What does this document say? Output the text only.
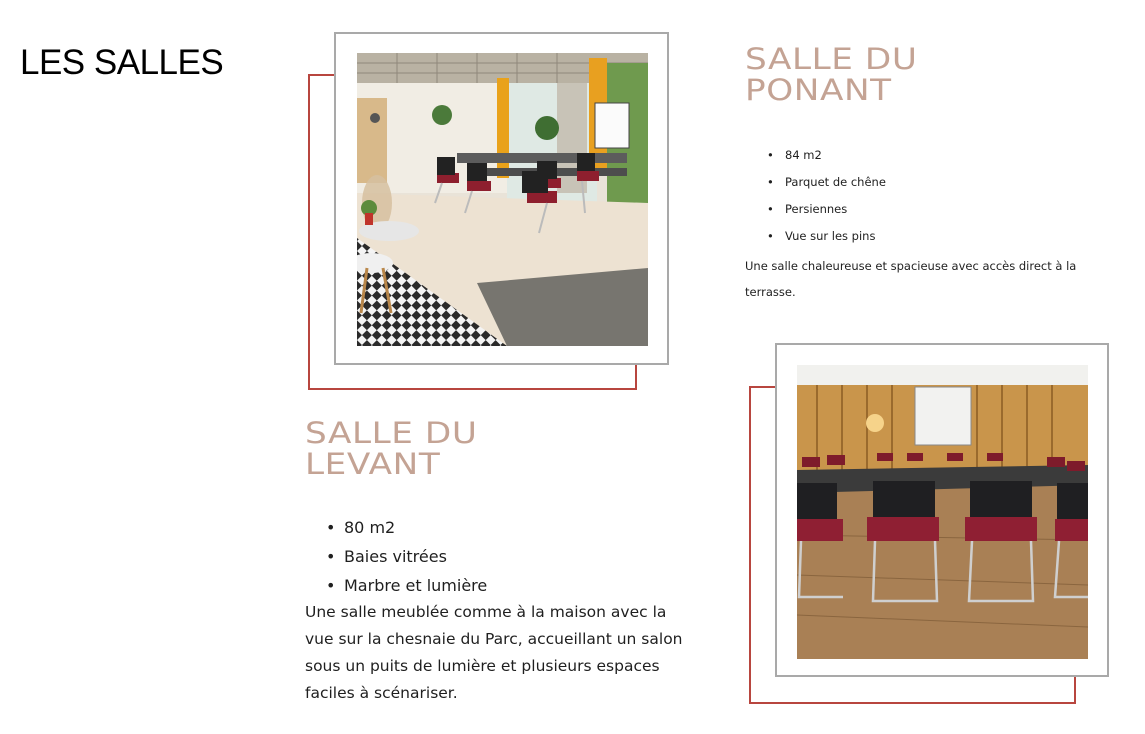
LES SALLES	SALLE DU
PONANT
• 84 m2
• Parquet de chêne
• Persiennes
• Vue sur les pins

Une salle chaleureuse et spacieuse avec accès direct à la terrasse.

SALLE DU
LEVANT
• 80 m2
• Baies vitrées
• Marbre et lumière

Une salle meublée comme à la maison avec la vue sur la chesnaie du Parc, accueillant un salon sous un puits de lumière et plusieurs espaces faciles à scénariser.
